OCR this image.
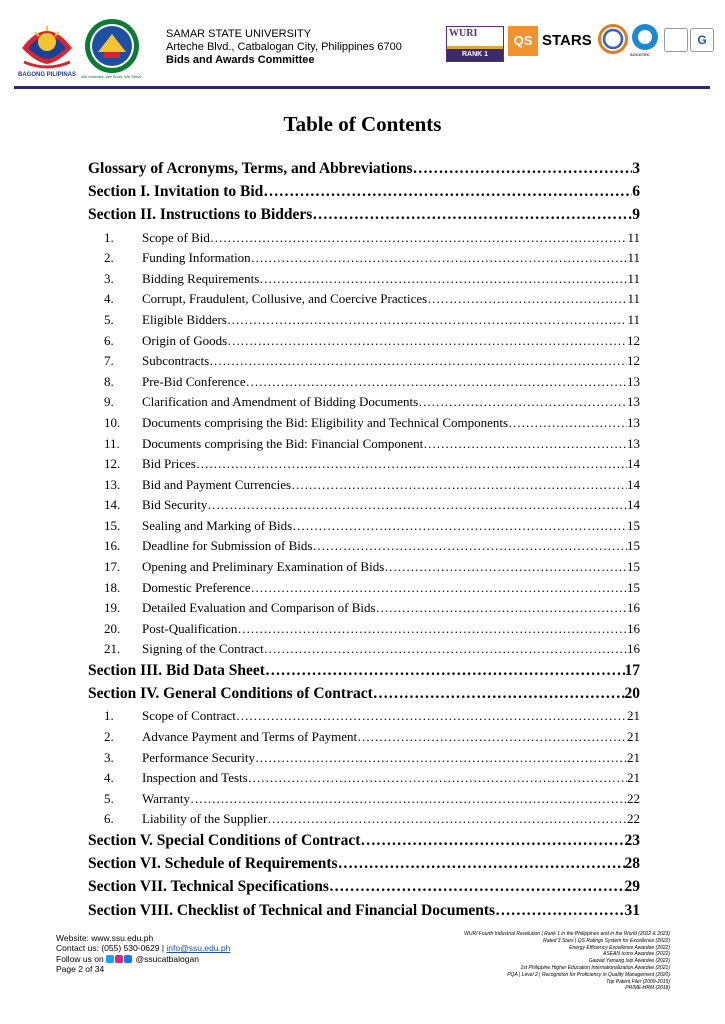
BAGONG PILIPINAS	We Innovate. We Build. We Serve.
SAMAR STATE UNIVERSITY
Arteche Blvd., Catbalogan City, Philippines 6700
Bids and Awards Committee
WURI
RANK 1
QS STARS	G
SOCOTEC
Table of Contents
Glossary of Acronyms, Terms, and Abbreviations ……………………………………………………………………………………………………………………………………………………………………………………	3
Section I. Invitation to Bid ……………………………………………………………………………………………………………………………………………………………………………………	6
Section II. Instructions to Bidders ……………………………………………………………………………………………………………………………………………………………………………………	9
1.	Scope of Bid ……………………………………………………………………………………………………………………………………………………………………………………	11
2.	Funding Information ……………………………………………………………………………………………………………………………………………………………………………………	11
3.	Bidding Requirements ……………………………………………………………………………………………………………………………………………………………………………………	11
4.	Corrupt, Fraudulent, Collusive, and Coercive Practices ……………………………………………………………………………………………………………………………………………………………………………………	11
5.	Eligible Bidders ……………………………………………………………………………………………………………………………………………………………………………………	11
6.	Origin of Goods ……………………………………………………………………………………………………………………………………………………………………………………	12
7.	Subcontracts ……………………………………………………………………………………………………………………………………………………………………………………	12
8.	Pre-Bid Conference ……………………………………………………………………………………………………………………………………………………………………………………	13
9.	Clarification and Amendment of Bidding Documents ……………………………………………………………………………………………………………………………………………………………………………………	13
10.	Documents comprising the Bid: Eligibility and Technical Components ……………………………………………………………………………………………………………………………………………………………………………………	13
11.	Documents comprising the Bid: Financial Component ……………………………………………………………………………………………………………………………………………………………………………………	13
12.	Bid Prices ……………………………………………………………………………………………………………………………………………………………………………………	14
13.	Bid and Payment Currencies ……………………………………………………………………………………………………………………………………………………………………………………	14
14.	Bid Security ……………………………………………………………………………………………………………………………………………………………………………………	14
15.	Sealing and Marking of Bids ……………………………………………………………………………………………………………………………………………………………………………………	15
16.	Deadline for Submission of Bids ……………………………………………………………………………………………………………………………………………………………………………………	15
17.	Opening and Preliminary Examination of Bids ……………………………………………………………………………………………………………………………………………………………………………………	15
18.	Domestic Preference ……………………………………………………………………………………………………………………………………………………………………………………	15
19.	Detailed Evaluation and Comparison of Bids ……………………………………………………………………………………………………………………………………………………………………………………	16
20.	Post-Qualification ……………………………………………………………………………………………………………………………………………………………………………………	16
21.	Signing of the Contract ……………………………………………………………………………………………………………………………………………………………………………………	16
Section III. Bid Data Sheet ……………………………………………………………………………………………………………………………………………………………………………………	17
Section IV. General Conditions of Contract ……………………………………………………………………………………………………………………………………………………………………………………	20
1.	Scope of Contract ……………………………………………………………………………………………………………………………………………………………………………………	21
2.	Advance Payment and Terms of Payment ……………………………………………………………………………………………………………………………………………………………………………………	21
3.	Performance Security ……………………………………………………………………………………………………………………………………………………………………………………	21
4.	Inspection and Tests ……………………………………………………………………………………………………………………………………………………………………………………	21
5.	Warranty ……………………………………………………………………………………………………………………………………………………………………………………	22
6.	Liability of the Supplier ……………………………………………………………………………………………………………………………………………………………………………………	22
Section V. Special Conditions of Contract ……………………………………………………………………………………………………………………………………………………………………………………	23
Section VI. Schedule of Requirements ……………………………………………………………………………………………………………………………………………………………………………………	28
Section VII. Technical Specifications ……………………………………………………………………………………………………………………………………………………………………………………	29
Section VIII. Checklist of Technical and Financial Documents ……………………………………………………………………………………………………………………………………………………………………………………	31
Website: www.ssu.edu.ph
Contact us: (055) 530-0629 | info@ssu.edu.ph
Follow us on	@ssucatbalogan
Page 2 of 34
WURI Fourth Industrial Revolution | Rank 1 in the Philippines and in the World (2022 & 2023)
Rated 3 Stars | QS Ratings System for Excellence (2022)
Energy Efficiency Excellence Awardee (2022)
ASEAN Icons Awardee (2022)
Gawad Yamang Isip Awardee (2022)
1st Philippine Higher Education Internationalization Awardee (2021)
PQA | Level 2 | Recognition for Proficiency in Quality Management (2020)
Top Patent Filer (2009-2019)
PRIME-HRM (2018)
